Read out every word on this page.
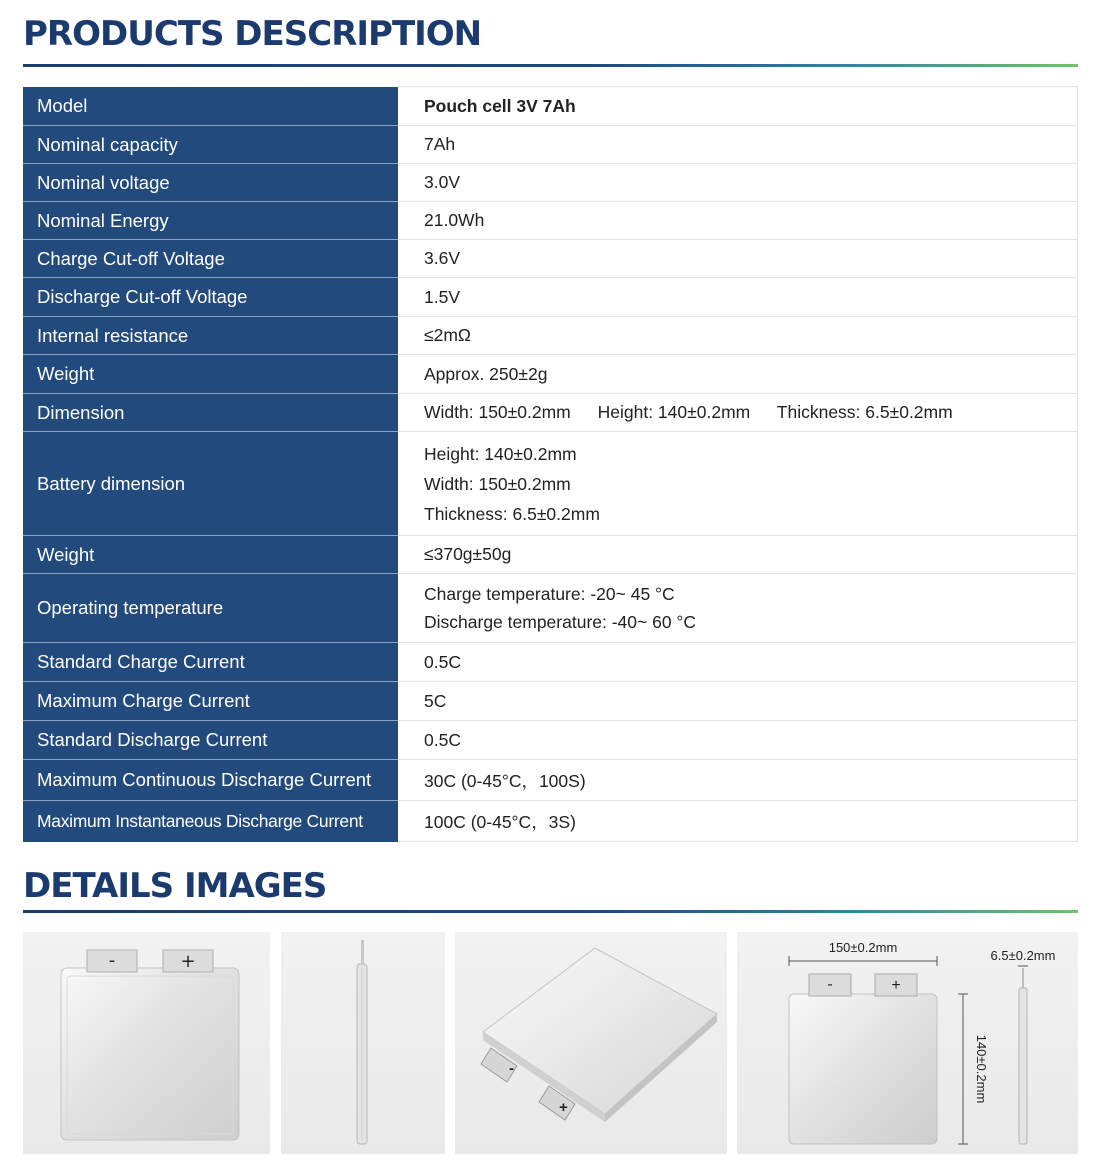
PRODUCTS DESCRIPTION
Model	Pouch cell 3V 7Ah
Nominal capacity	7Ah
Nominal voltage	3.0V
Nominal Energy	21.0Wh
Charge Cut-off Voltage	3.6V
Discharge Cut-off Voltage	1.5V
Internal resistance	≤2mΩ
Weight	Approx. 250±2g
Dimension	Width: 150±0.2mm Height: 140±0.2mm Thickness: 6.5±0.2mm
Battery dimension	Height: 140±0.2mm
Width: 150±0.2mm
Thickness: 6.5±0.2mm

Weight	≤370g±50g
Operating temperature	Charge temperature: -20~ 45 °C
Discharge temperature: -40~ 60 °C

Standard Charge Current	0.5C
Maximum Charge Current	5C
Standard Discharge Current	0.5C
Maximum Continuous Discharge Current	30C (0-45°C，100S)
Maximum Instantaneous Discharge Current	100C (0-45°C，3S)
DETAILS IMAGES
-	+
-
+
150±0.2mm
-	+
140±0.2mm
6.5±0.2mm
